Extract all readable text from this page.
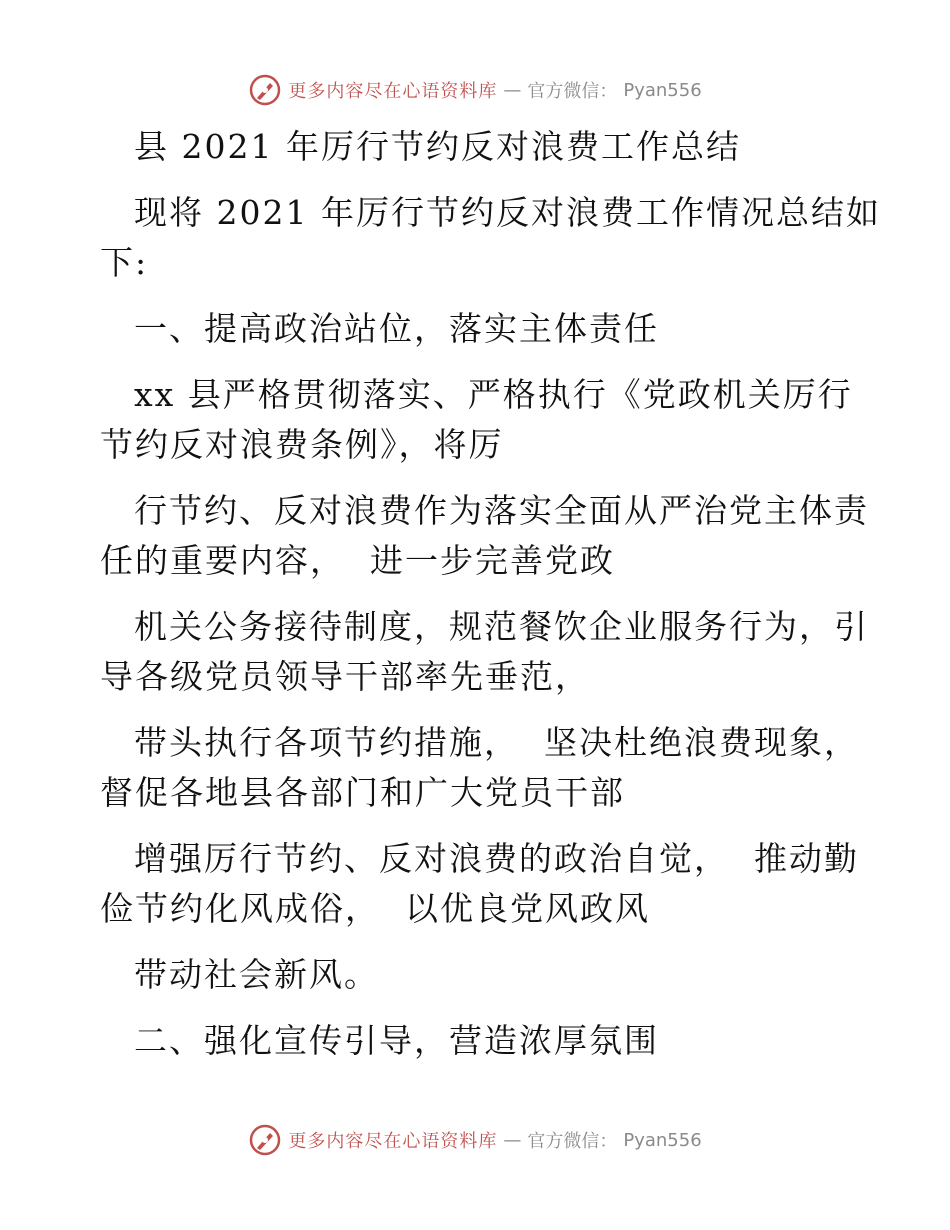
更多内容尽在心语资料库 — 官方微信： Pyan556
县 2021 年厉行节约反对浪费工作总结
现将 2021 年厉行节约反对浪费工作情况总结如
下:
一、提高政治站位，落实主体责任
xx 县严格贯彻落实、严格执行《党政机关厉行
节约反对浪费条例》，将厉
行节约、反对浪费作为落实全面从严治党主体责
任的重要内容，  进一步完善党政
机关公务接待制度，规范餐饮企业服务行为，引
导各级党员领导干部率先垂范，
带头执行各项节约措施，  坚决杜绝浪费现象，
督促各地县各部门和广大党员干部
增强厉行节约、反对浪费的政治自觉，  推动勤
俭节约化风成俗，  以优良党风政风
带动社会新风。
二、强化宣传引导，营造浓厚氛围
更多内容尽在心语资料库 — 官方微信： Pyan556
